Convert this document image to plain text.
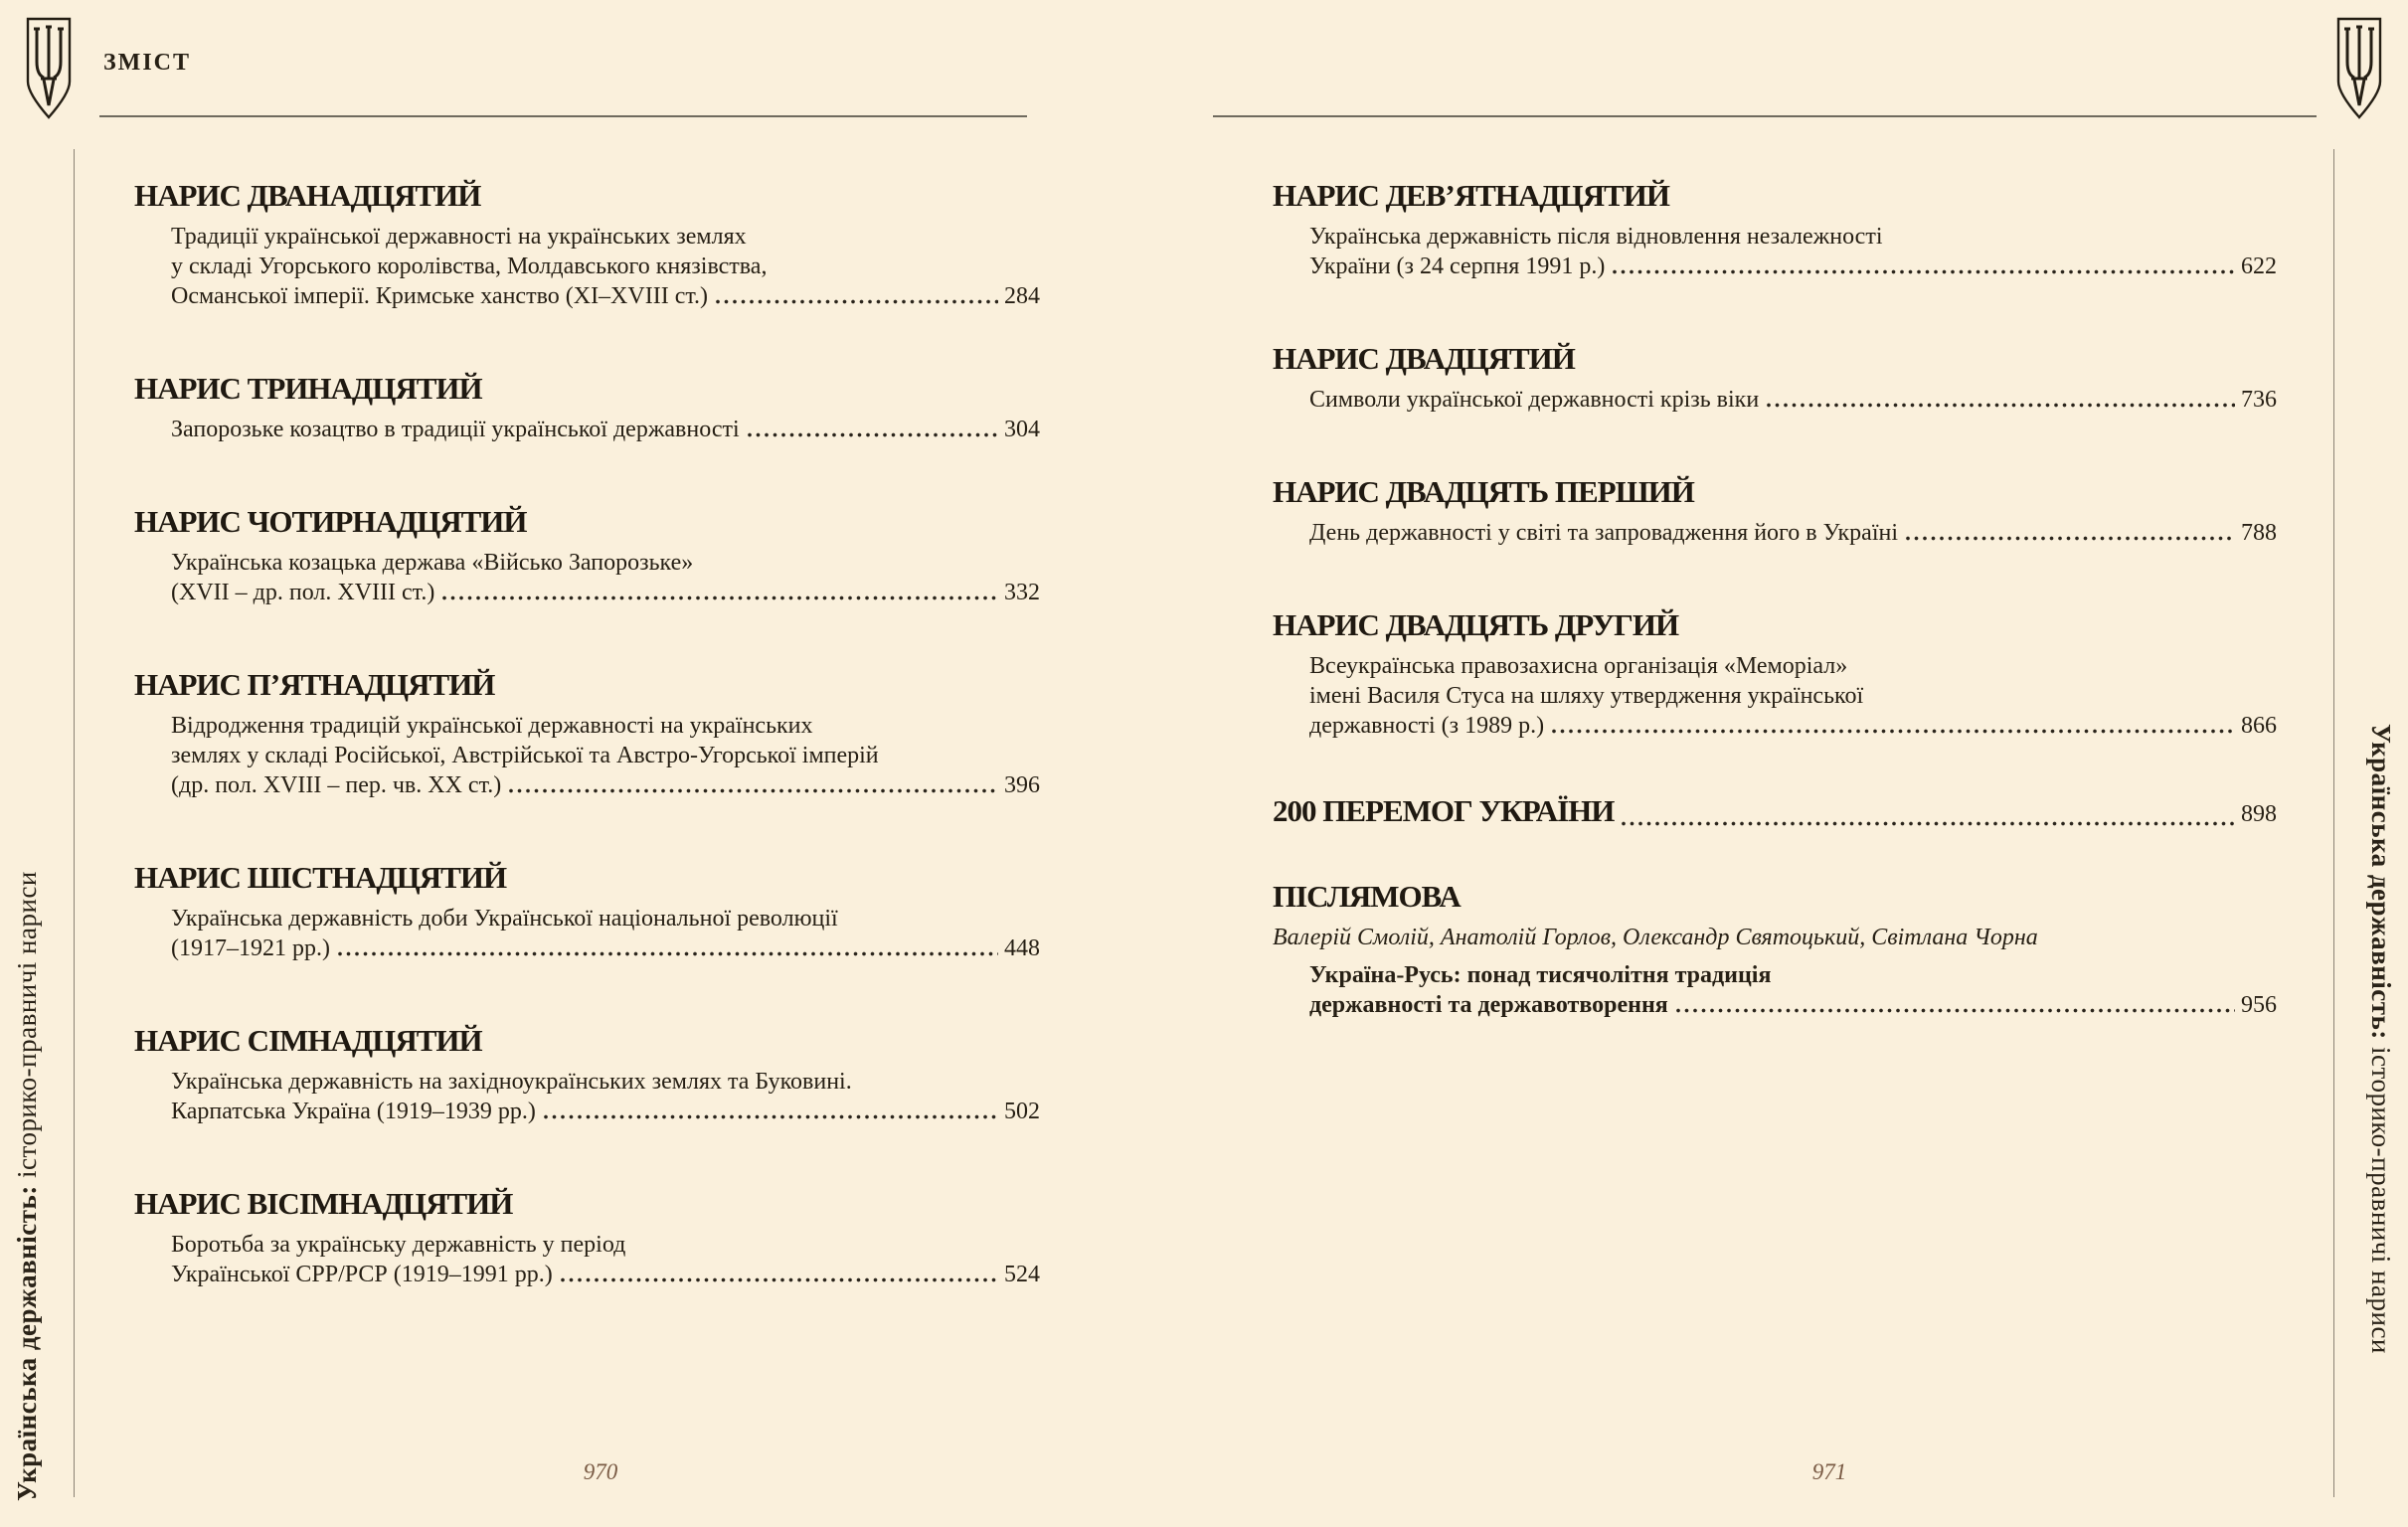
ЗМІСТ
Українська державність: історико-правничі нариси	Українська державність: історико-правничі нариси
НАРИС ДВАНАДЦЯТИЙ
Традиції української державності на українських землях
у складі Угорського королівства, Молдавського князівства,
Османської імперії. Кримське ханство (XI–XVIII ст.)	284
НАРИС ТРИНАДЦЯТИЙ
Запорозьке козацтво в традиції української державності	304
НАРИС ЧОТИРНАДЦЯТИЙ
Українська козацька держава «Військо Запорозьке»
(XVII – др. пол. XVIII ст.)	332
НАРИС П’ЯТНАДЦЯТИЙ
Відродження традицій української державності на українських
землях у складі Російської, Австрійської та Австро-Угорської імперій
(др. пол. XVIII – пер. чв. XX ст.)	396
НАРИС ШІСТНАДЦЯТИЙ
Українська державність доби Української національної революції
(1917–1921 рр.)	448
НАРИС СІМНАДЦЯТИЙ
Українська державність на західноукраїнських землях та Буковині.
Карпатська Україна (1919–1939 рр.)	502
НАРИС ВІСІМНАДЦЯТИЙ
Боротьба за українську державність у період
Української СРР/РСР (1919–1991 рр.)	524
НАРИС ДЕВ’ЯТНАДЦЯТИЙ
Українська державність після відновлення незалежності
України (з 24 серпня 1991 р.)	622
НАРИС ДВАДЦЯТИЙ
Символи української державності крізь віки	736
НАРИС ДВАДЦЯТЬ ПЕРШИЙ
День державності у світі та запровадження його в Україні	788
НАРИС ДВАДЦЯТЬ ДРУГИЙ
Всеукраїнська правозахисна організація «Меморіал»
імені Василя Стуса на шляху утвердження української
державності (з 1989 р.)	866
200 ПЕРЕМОГ УКРАЇНИ	898
ПІСЛЯМОВА
Валерій Смолій, Анатолій Горлов, Олександр Святоцький, Світлана Чорна
Україна-Русь: понад тисячолітня традиція
державності та державотворення	956
970	971
